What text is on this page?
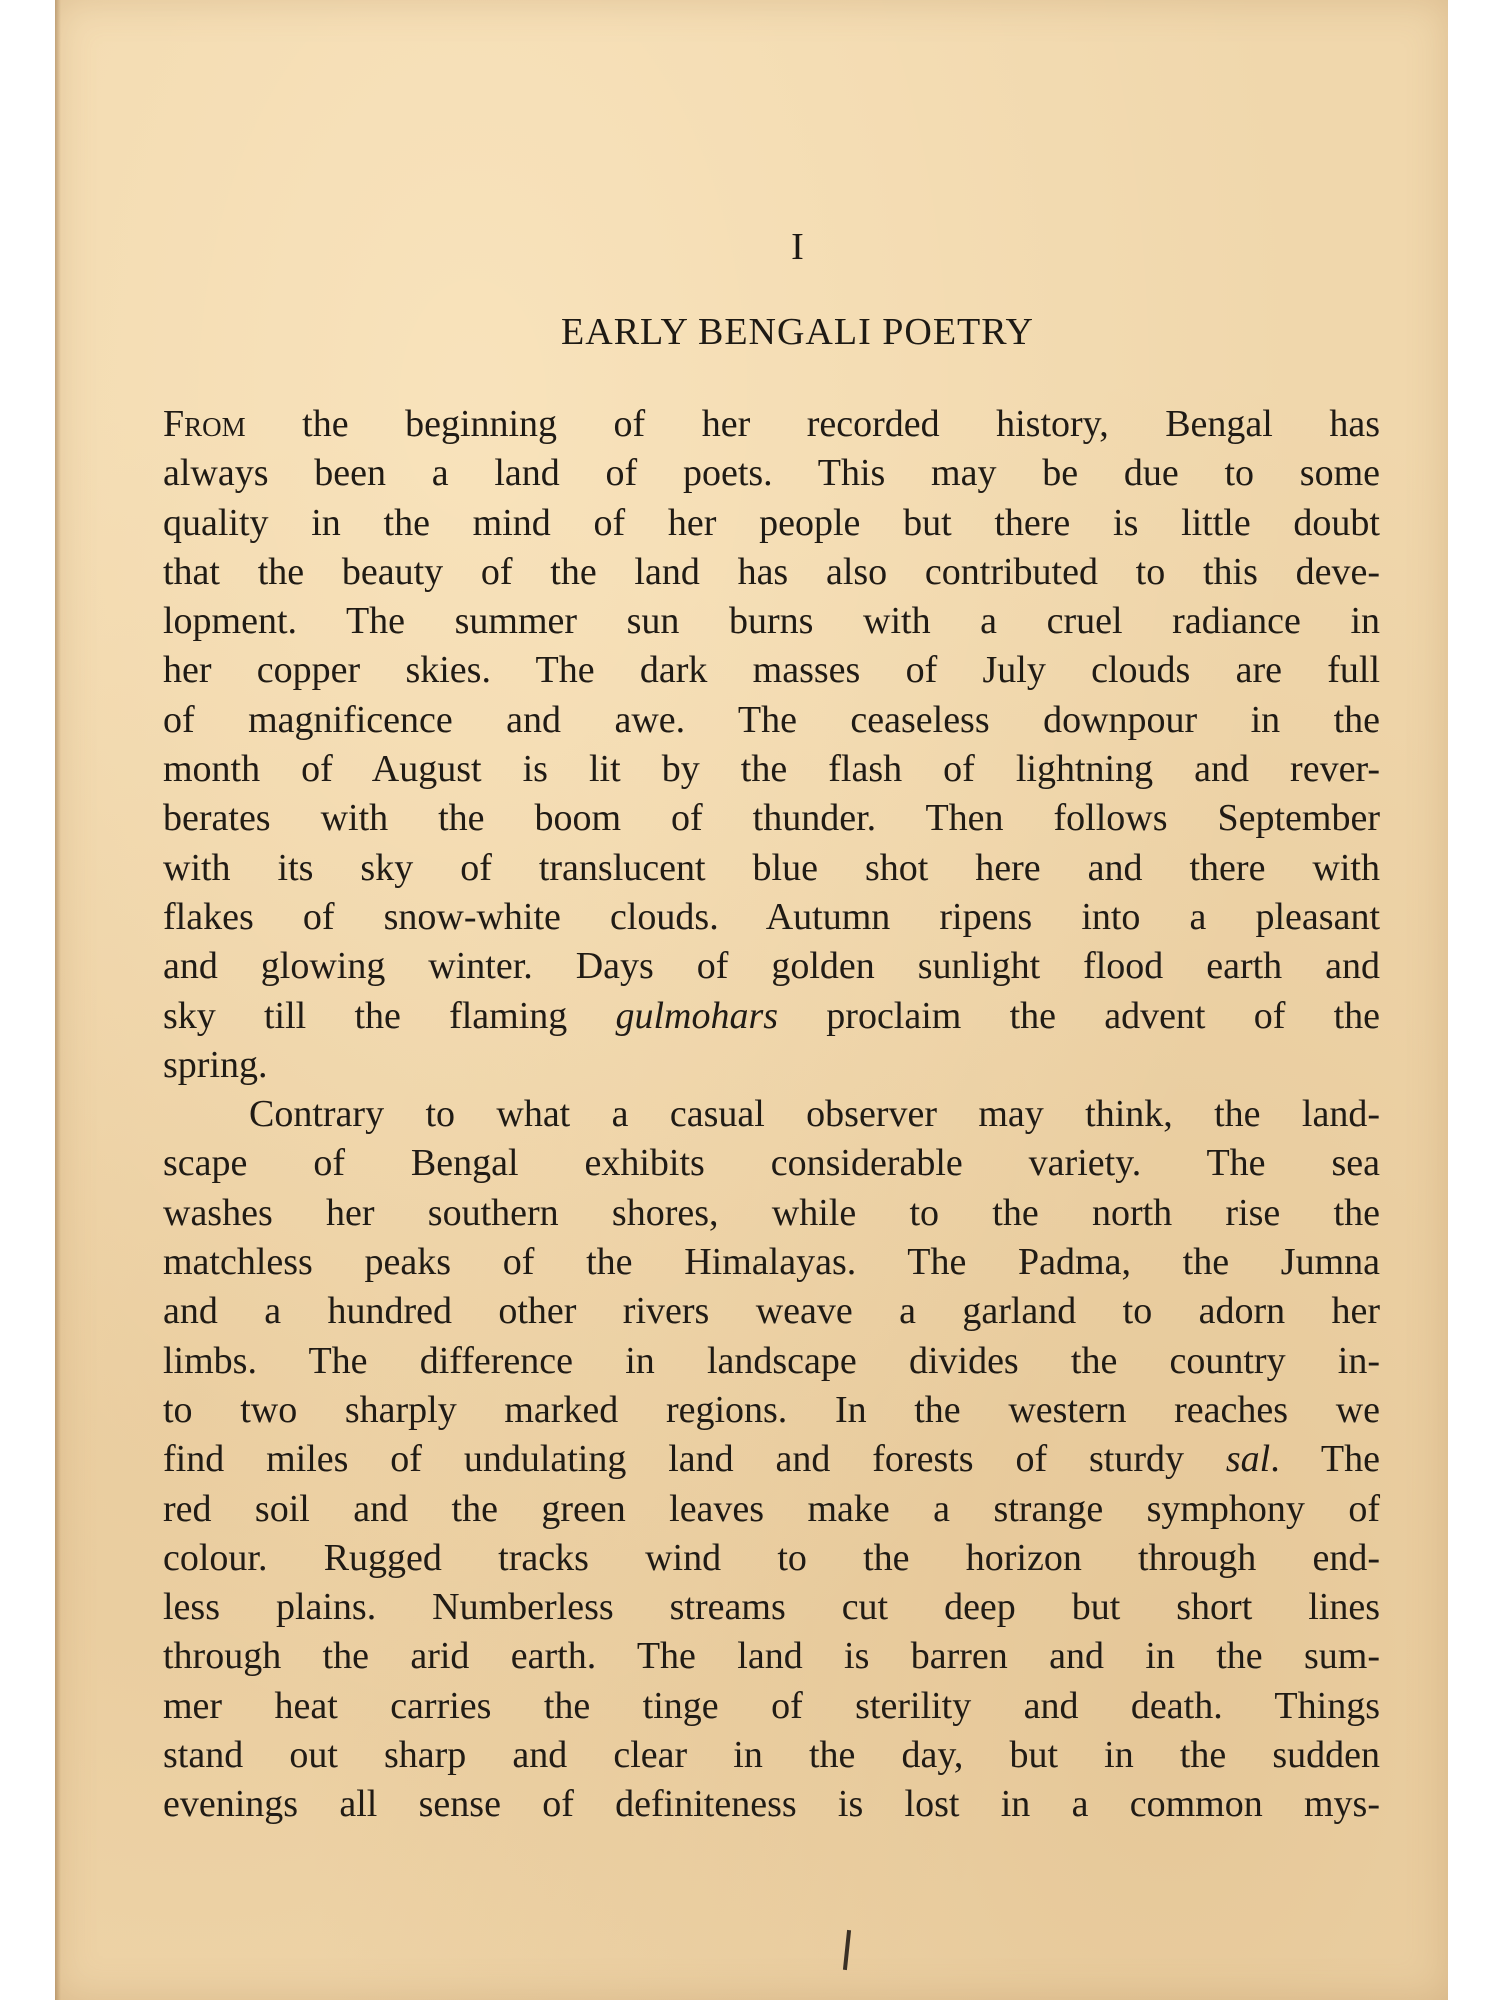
I
EARLY BENGALI POETRY
From the beginning of her recorded history, Bengal has
always been a land of poets. This may be due to some
quality in the mind of her people but there is little doubt
that the beauty of the land has also contributed to this deve-
lopment. The summer sun burns with a cruel radiance in
her copper skies. The dark masses of July clouds are full
of magnificence and awe. The ceaseless downpour in the
month of August is lit by the flash of lightning and rever-
berates with the boom of thunder. Then follows September
with its sky of translucent blue shot here and there with
flakes of snow-white clouds. Autumn ripens into a pleasant
and glowing winter. Days of golden sunlight flood earth and
sky till the flaming gulmohars proclaim the advent of the
spring.
Contrary to what a casual observer may think, the land-
scape of Bengal exhibits considerable variety. The sea
washes her southern shores, while to the north rise the
matchless peaks of the Himalayas. The Padma, the Jumna
and a hundred other rivers weave a garland to adorn her
limbs. The difference in landscape divides the country in-
to two sharply marked regions. In the western reaches we
find miles of undulating land and forests of sturdy sal. The
red soil and the green leaves make a strange symphony of
colour. Rugged tracks wind to the horizon through end-
less plains. Numberless streams cut deep but short lines
through the arid earth. The land is barren and in the sum-
mer heat carries the tinge of sterility and death. Things
stand out sharp and clear in the day, but in the sudden
evenings all sense of definiteness is lost in a common mys-
